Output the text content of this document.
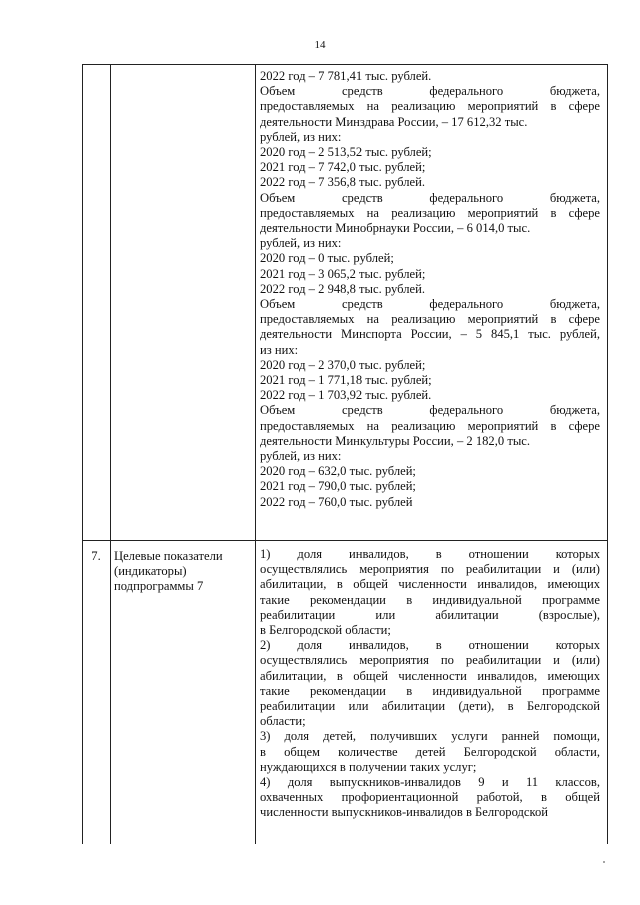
14
2022 год – 7 781,41 тыс. рублей.
Объем средств федерального бюджета,
предоставляемых на реализацию мероприятий в сфере
деятельности Минздрава России, – 17 612,32 тыс.
рублей, из них:
2020 год – 2 513,52 тыс. рублей;
2021 год – 7 742,0 тыс. рублей;
2022 год – 7 356,8 тыс. рублей.
Объем средств федерального бюджета,
предоставляемых на реализацию мероприятий в сфере
деятельности Минобрнауки России, – 6 014,0 тыс.
рублей, из них:
2020 год – 0 тыс. рублей;
2021 год – 3 065,2 тыс. рублей;
2022 год – 2 948,8 тыс. рублей.
Объем средств федерального бюджета,
предоставляемых на реализацию мероприятий в сфере
деятельности Минспорта России, – 5 845,1 тыс. рублей,
из них:
2020 год – 2 370,0 тыс. рублей;
2021 год – 1 771,18 тыс. рублей;
2022 год – 1 703,92 тыс. рублей.
Объем средств федерального бюджета,
предоставляемых на реализацию мероприятий в сфере
деятельности Минкультуры России, – 2 182,0 тыс.
рублей, из них:
2020 год – 632,0 тыс. рублей;
2021 год – 790,0 тыс. рублей;
2022 год – 760,0 тыс. рублей
7.	Целевые показатели
(индикаторы)
подпрограммы 7
1) доля инвалидов, в отношении которых
осуществлялись мероприятия по реабилитации и (или)
абилитации, в общей численности инвалидов, имеющих
такие рекомендации в индивидуальной программе
реабилитации или абилитации (взрослые),
в Белгородской области;
2) доля инвалидов, в отношении которых
осуществлялись мероприятия по реабилитации и (или)
абилитации, в общей численности инвалидов, имеющих
такие рекомендации в индивидуальной программе
реабилитации или абилитации (дети), в Белгородской
области;
3) доля детей, получивших услуги ранней помощи,
в общем количестве детей Белгородской области,
нуждающихся в получении таких услуг;
4) доля выпускников-инвалидов 9 и 11 классов,
охваченных профориентационной работой, в общей
численности выпускников-инвалидов в Белгородской
